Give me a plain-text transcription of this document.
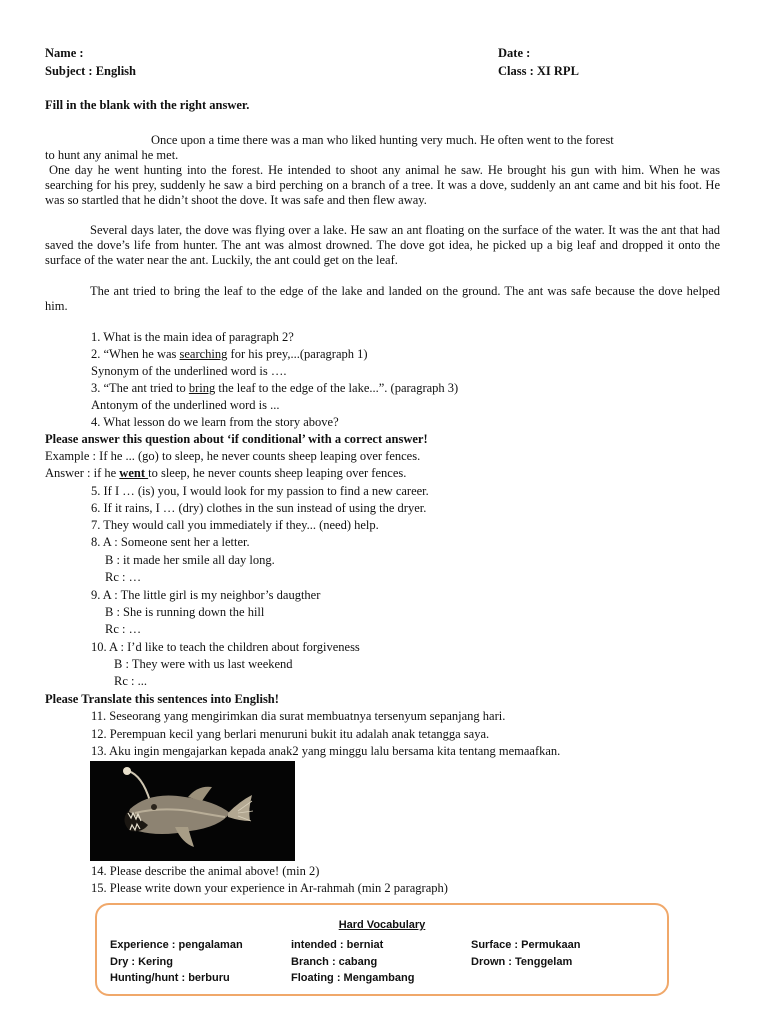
Name :
Subject : English
Date :
Class : XI RPL
Fill in the blank with the right answer.
Once upon a time there was a man who liked hunting very much. He often went to the forest
to hunt any animal he met.
One day he went hunting into the forest. He intended to shoot any animal he saw. He brought his gun with him. When he was searching for his prey, suddenly he saw a bird perching on a branch of a tree. It was a dove, suddenly an ant came and bit his foot. He was so startled that he didn’t shoot the dove. It was safe and then flew away.
Several days later, the dove was flying over a lake. He saw an ant floating on the surface of the water. It was the ant that had saved the dove’s life from hunter. The ant was almost drowned. The dove got idea, he picked up a big leaf and dropped it onto the surface of the water near the ant. Luckily, the ant could get on the leaf.
The ant tried to bring the leaf to the edge of the lake and landed on the ground. The ant was safe because the dove helped him.
1. What is the main idea of paragraph 2?
2. “When he was searching for his prey,...(paragraph 1)
Synonym of the underlined word is ….
3. “The ant tried to bring the leaf to the edge of the lake...”. (paragraph 3)
Antonym of the underlined word is ...
4. What lesson do we learn from the story above?
Please answer this question about ‘if conditional’ with a correct answer!
Example : If he ... (go) to sleep, he never counts sheep leaping over fences.
Answer : if he went to sleep, he never counts sheep leaping over fences.
5. If I … (is) you, I would look for my passion to find a new career.
6. If it rains, I … (dry) clothes in the sun instead of using the dryer.
7. They would call you immediately if they... (need) help.
8. A : Someone sent her a letter.
B : it made her smile all day long.
Rc : …
9. A : The little girl is my neighbor’s daugther
B : She is running down the hill
Rc : …
10. A : I’d like to teach the children about forgiveness
B : They were with us last weekend
Rc : ...
Please Translate this sentences into English!
11. Seseorang yang mengirimkan dia surat membuatnya tersenyum sepanjang hari.
12. Perempuan kecil yang berlari menuruni bukit itu adalah anak tetangga saya.
13. Aku ingin mengajarkan kepada anak2 yang minggu lalu bersama kita tentang memaafkan.
14. Please describe the animal above! (min 2)
15. Please write down your experience in Ar-rahmah (min 2 paragraph)
Hard Vocabulary
Experience : pengalaman
Dry : Kering
Hunting/hunt : berburu
intended : berniat
Branch : cabang
Floating : Mengambang
Surface : Permukaan
Drown : Tenggelam
